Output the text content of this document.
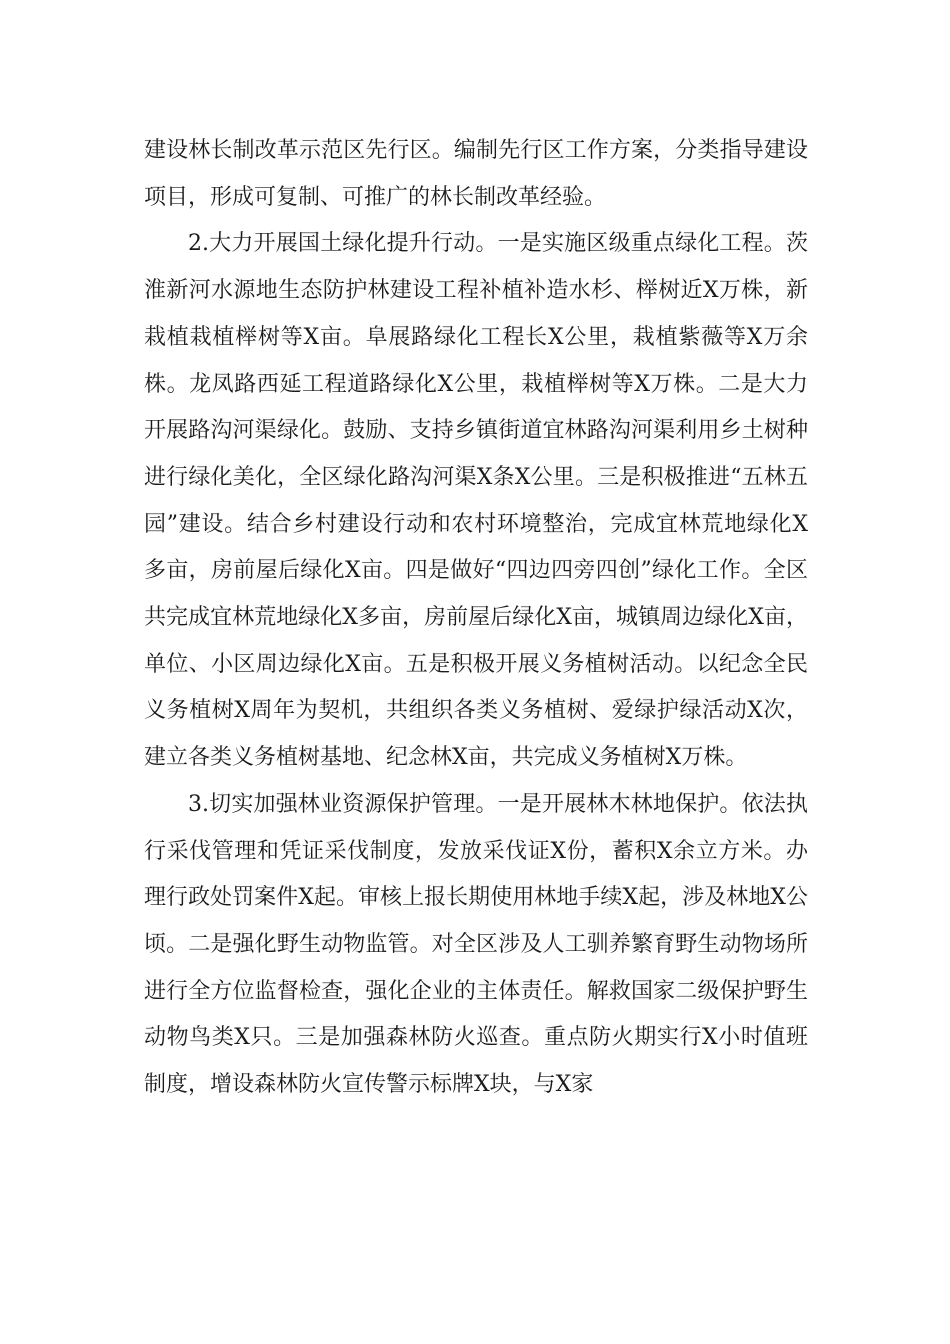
建设林长制改革示范区先行区。编制先行区工作方案，分类指导建设项目，形成可复制、可推广的林长制改革经验。

2.大力开展国土绿化提升行动。一是实施区级重点绿化工程。茨淮新河水源地生态防护林建设工程补植补造水杉、榉树近X万株，新栽植栽植榉树等X亩。阜展路绿化工程长X公里，栽植紫薇等X万余株。龙凤路西延工程道路绿化X公里，栽植榉树等X万株。二是大力开展路沟河渠绿化。鼓励、支持乡镇街道宜林路沟河渠利用乡土树种进行绿化美化，全区绿化路沟河渠X条X公里。三是积极推进“五林五园”建设。结合乡村建设行动和农村环境整治，完成宜林荒地绿化X多亩，房前屋后绿化X亩。四是做好“四边四旁四创”绿化工作。全区共完成宜林荒地绿化X多亩，房前屋后绿化X亩，城镇周边绿化X亩，单位、小区周边绿化X亩。五是积极开展义务植树活动。以纪念全民义务植树X周年为契机，共组织各类义务植树、爱绿护绿活动X次，建立各类义务植树基地、纪念林X亩，共完成义务植树X万株。

3.切实加强林业资源保护管理。一是开展林木林地保护。依法执行采伐管理和凭证采伐制度，发放采伐证X份，蓄积X余立方米。办理行政处罚案件X起。审核上报长期使用林地手续X起，涉及林地X公顷。二是强化野生动物监管。对全区涉及人工驯养繁育野生动物场所进行全方位监督检查，强化企业的主体责任。解救国家二级保护野生动物鸟类X只。三是加强森林防火巡查。重点防火期实行X小时值班制度，增设森林防火宣传警示标牌X块，与X家
